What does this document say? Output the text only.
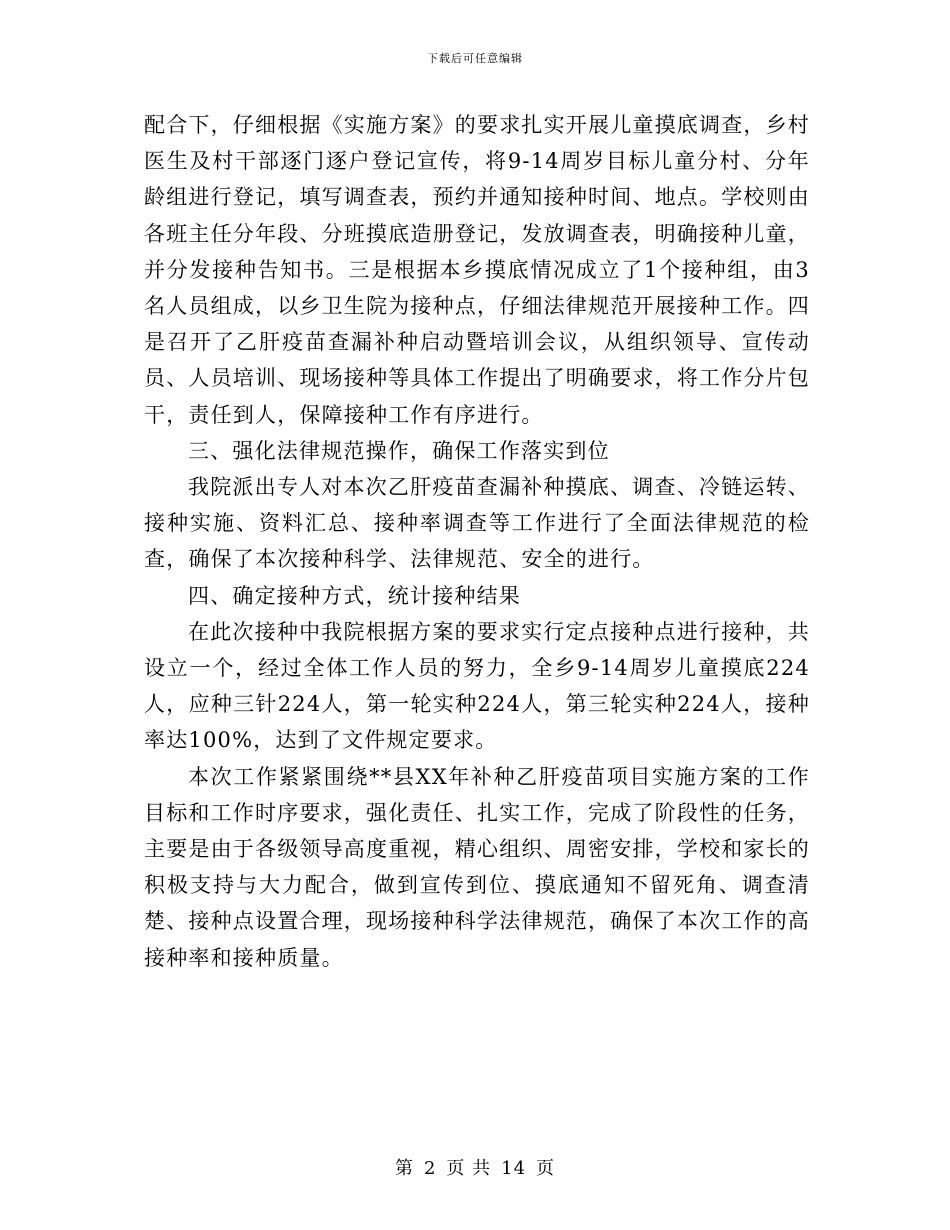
下载后可任意编辑

配合下，仔细根据《实施方案》的要求扎实开展儿童摸底调查，乡村医生及村干部逐门逐户登记宣传，将9-14周岁目标儿童分村、分年龄组进行登记，填写调查表，预约并通知接种时间、地点。学校则由各班主任分年段、分班摸底造册登记，发放调查表，明确接种儿童，并分发接种告知书。三是根据本乡摸底情况成立了1个接种组，由3名人员组成，以乡卫生院为接种点，仔细法律规范开展接种工作。四是召开了乙肝疫苗查漏补种启动暨培训会议，从组织领导、宣传动员、人员培训、现场接种等具体工作提出了明确要求，将工作分片包干，责任到人，保障接种工作有序进行。

三、强化法律规范操作，确保工作落实到位

我院派出专人对本次乙肝疫苗查漏补种摸底、调查、冷链运转、接种实施、资料汇总、接种率调查等工作进行了全面法律规范的检查，确保了本次接种科学、法律规范、安全的进行。

四、确定接种方式，统计接种结果

在此次接种中我院根据方案的要求实行定点接种点进行接种，共设立一个，经过全体工作人员的努力，全乡9-14周岁儿童摸底224人，应种三针224人，第一轮实种224人，第三轮实种224人，接种率达100%，达到了文件规定要求。

本次工作紧紧围绕**县XX年补种乙肝疫苗项目实施方案的工作目标和工作时序要求，强化责任、扎实工作，完成了阶段性的任务，主要是由于各级领导高度重视，精心组织、周密安排，学校和家长的积极支持与大力配合，做到宣传到位、摸底通知不留死角、调查清楚、接种点设置合理，现场接种科学法律规范，确保了本次工作的高接种率和接种质量。

第 2 页 共 14 页
